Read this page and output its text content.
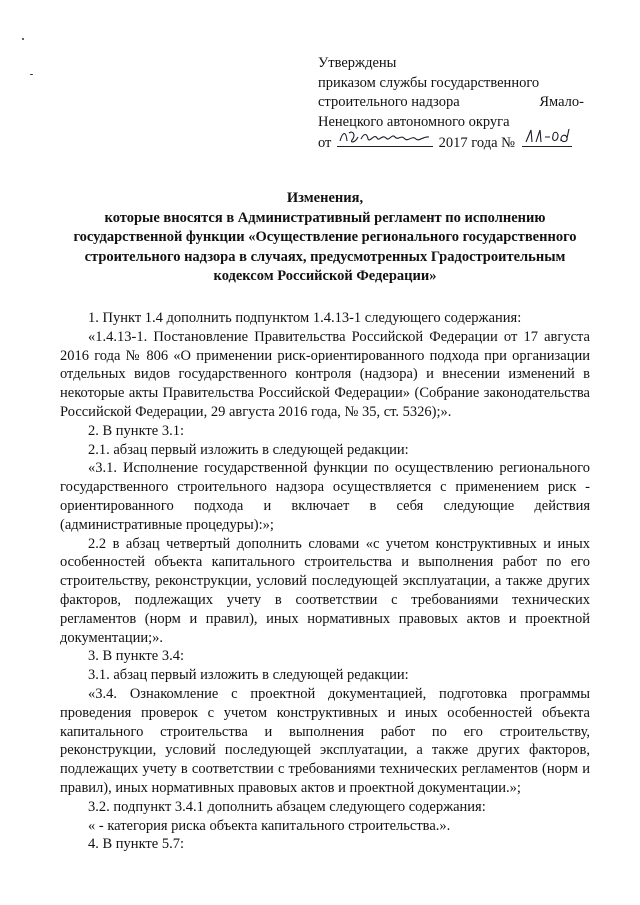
Утверждены
приказом службы государственного
строительного надзора	Ямало-
Ненецкого автономного округа
от	2017 года №
Изменения,
которые вносятся в Административный регламент по исполнению государственной функции «Осуществление регионального государственного строительного надзора в случаях, предусмотренных Градостроительным кодексом Российской Федерации»

1. Пункт 1.4 дополнить подпунктом 1.4.13-1 следующего содержания:

«1.4.13-1. Постановление Правительства Российской Федерации от 17 августа 2016 года № 806 «О применении риск-ориентированного подхода при организации отдельных видов государственного контроля (надзора) и внесении изменений в некоторые акты Правительства Российской Федерации» (Собрание законодательства Российской Федерации, 29 августа 2016 года, № 35, ст. 5326);».

2. В пункте 3.1:

2.1. абзац первый изложить в следующей редакции:

«3.1. Исполнение государственной функции по осуществлению регионального государственного строительного надзора осуществляется с применением риск - ориентированного подхода и включает в себя следующие действия (административные процедуры):»;

2.2 в абзац четвертый дополнить словами «с учетом конструктивных и иных особенностей объекта капитального строительства и выполнения работ по его строительству, реконструкции, условий последующей эксплуатации, а также других факторов, подлежащих учету в соответствии с требованиями технических регламентов (норм и правил), иных нормативных правовых актов и проектной документации;».

3. В пункте 3.4:

3.1. абзац первый изложить в следующей редакции:

«3.4. Ознакомление с проектной документацией, подготовка программы проведения проверок с учетом конструктивных и иных особенностей объекта капитального строительства и выполнения работ по его строительству, реконструкции, условий последующей эксплуатации, а также других факторов, подлежащих учету в соответствии с требованиями технических регламентов (норм и правил), иных нормативных правовых актов и проектной документации.»;

3.2. подпункт 3.4.1 дополнить абзацем следующего содержания:

« - категория риска объекта капитального строительства.».

4. В пункте 5.7:
